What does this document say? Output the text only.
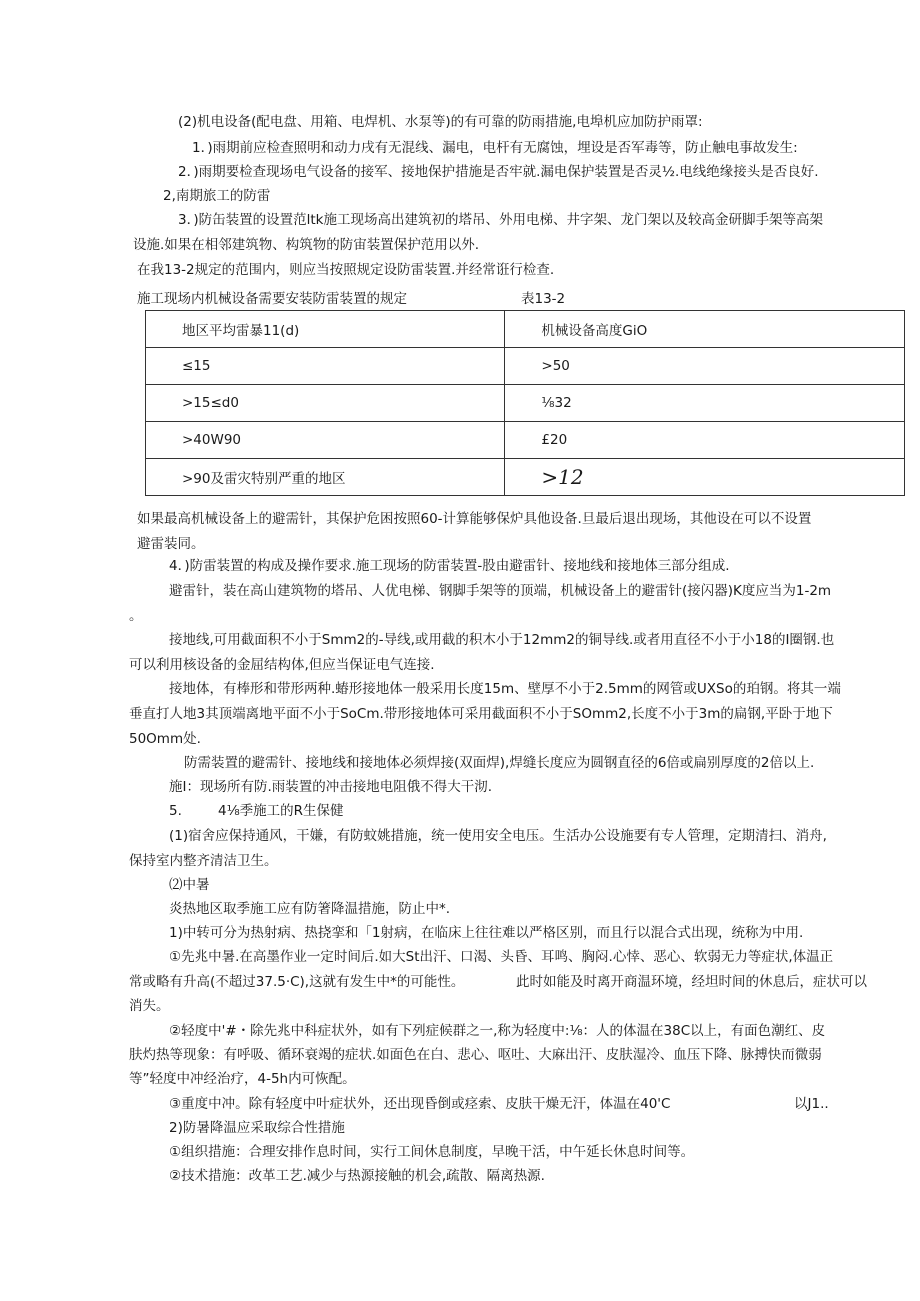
(2)机电设备(配电盘、用箱、电焊机、水泵等)的有可靠的防雨措施,电埠机应加防护雨罩:
1．)雨期前应检查照明和动力戌有无混线、漏电，电杆有无腐蚀，埋设是否军毒等，防止触电事故发生:
2．)雨期要检查现场电气设备的接军、接地保护措施是否牢就.漏电保护装置是否灵½.电线绝缘接头是否良好.
2,南期旅工的防雷
3．)防缶装置的设置范ltk施工现场高出建筑初的塔吊、外用电梯、井字架、龙门架以及较高金研脚手架等高架
设施.如果在相邻建筑物、构筑物的防宙装置保护范用以外.
在我13-2规定的范围内，则应当按照规定设防雷装置.并经常诳行检查.
施工现场内机械设备需要安装防雷装置的规定	表13-2
地区平均雷暴11(d)	机械设备高度GiO
≤15	>50
>15≤d0	⅛32
>40W90	£20
>90及雷灾特别严重的地区	>12
如果最高机械设备上的避需针，其保护危困按照60-计算能够保炉具他设备.旦最后退出现场，其他设在可以不设置
避雷装同。
4．)防雷装置的构成及操作要求.施工现场的防雷装置-股由避雷针、接地线和接地体三部分组成.
避雷针，装在高山建筑物的塔吊、人优电梯、钢脚手架等的顶端，机械设备上的避雷针(接闪器)K度应当为1-2m
。
接地线,可用截面积不小于Smm2的-导线,或用截的积木小于12mm2的铜导线.或者用直径不小于小18的I圈钢.也
可以利用核设备的金屈结构体,但应当保证电气连接.
接地体，有棒形和带形两种.蝽形接地体一般采用长度15m、壁厚不小于2.5mm的网管或UXSo的珀钢。将其一端
垂直打人地3其顶端离地平面不小于SoCm.带形接地体可采用截面积不小于SOmm2,长度不小于3m的扁钢,平卧于地下
50Omm处.
防需装置的避需针、接地线和接地体必须焊接(双面焊),焊缝长度应为圆钢直径的6倍或扁别厚度的2倍以上.
施I：现场所有防.雨装置的冲击接地电阻俄不得大干沏.
5.	4⅛季施工的R生保健
(1)宿舍应保持通风，干嫌，有防蚊姚措施，统一使用安全电压。生活办公设施要有专人管理，定期清扫、消舟,
保持室内整齐清洁卫生。
⑵中暑
炎热地区取季施工应有防箸降温措施，防止中*.
1)中转可分为热射病、热挠挛和「1射病，在临床上往往难以严格区别，而且行以混合式出现，统称为中用.
①先兆中暑.在高墨作业一定时间后.如大St出汗、口渴、头昏、耳鸣、胸闷.心悻、恶心、软弱无力等症状,体温正
常或略有升高(不超过37.5·C),这就有发生中*的可能性。	此时如能及时离开商温环境，经坦时间的休息后，症状可以
消失。
②轻度中'#・除先兆中科症状外，如有下列症候群之一,称为轻度中:⅛：人的体温在38C以上，有面色潮红、皮
肤灼热等现象：有呼吸、循环衰竭的症状.如面色在白、悲心、呕吐、大麻出汗、皮肤湿冷、血压下降、脉搏快而微弱
等”轻度中冲经治疗，4-5h内可恢配。
③重度中冲。除有轻度中叶症状外，还出现昏倒或痉索、皮肤干燥无汗，体温在40'C	以J1..
2)防暑降温应采取综合性措施
①组织措施：合理安排作息时间，实行工间休息制度，早晚干活，中午延长休息时间等。
②技术措施：改革工艺.减少与热源接触的机会,疏散、隔离热源.
